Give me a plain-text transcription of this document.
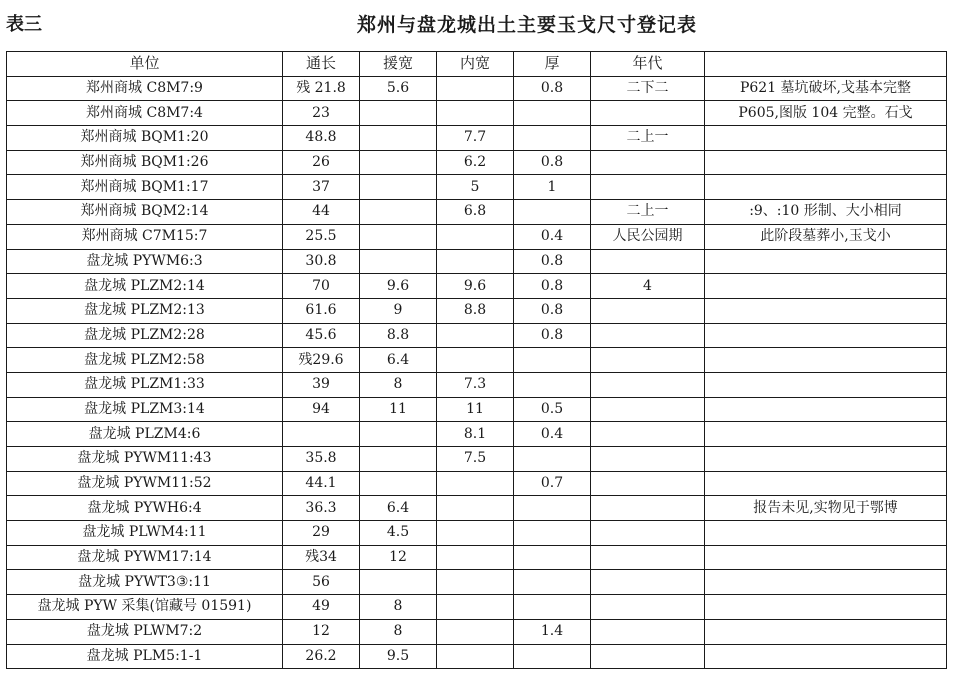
表三	郑州与盘龙城出土主要玉戈尺寸登记表
单位	通长	援宽	内宽	厚	年代	
郑州商城 C8M7:9	残 21.8	5.6		0.8	二下二	P621 墓坑破坏,戈基本完整
郑州商城 C8M7:4	23					P605,图版 104 完整。石戈
郑州商城 BQM1:20	48.8		7.7		二上一	
郑州商城 BQM1:26	26		6.2	0.8		
郑州商城 BQM1:17	37		5	1		
郑州商城 BQM2:14	44		6.8		二上一	:9、:10 形制、大小相同
郑州商城 C7M15:7	25.5			0.4	人民公园期	此阶段墓葬小,玉戈小
盘龙城 PYWM6:3	30.8			0.8		
盘龙城 PLZM2:14	70	9.6	9.6	0.8	4	
盘龙城 PLZM2:13	61.6	9	8.8	0.8		
盘龙城 PLZM2:28	45.6	8.8		0.8		
盘龙城 PLZM2:58	残29.6	6.4				
盘龙城 PLZM1:33	39	8	7.3			
盘龙城 PLZM3:14	94	11	11	0.5		
盘龙城 PLZM4:6			8.1	0.4		
盘龙城 PYWM11:43	35.8		7.5			
盘龙城 PYWM11:52	44.1			0.7		
盘龙城 PYWH6:4	36.3	6.4				报告未见,实物见于鄂博
盘龙城 PLWM4:11	29	4.5				
盘龙城 PYWM17:14	残34	12				
盘龙城 PYWT3③:11	56					
盘龙城 PYW 采集(馆藏号 01591)	49	8				
盘龙城 PLWM7:2	12	8		1.4		
盘龙城 PLM5:1-1	26.2	9.5				
